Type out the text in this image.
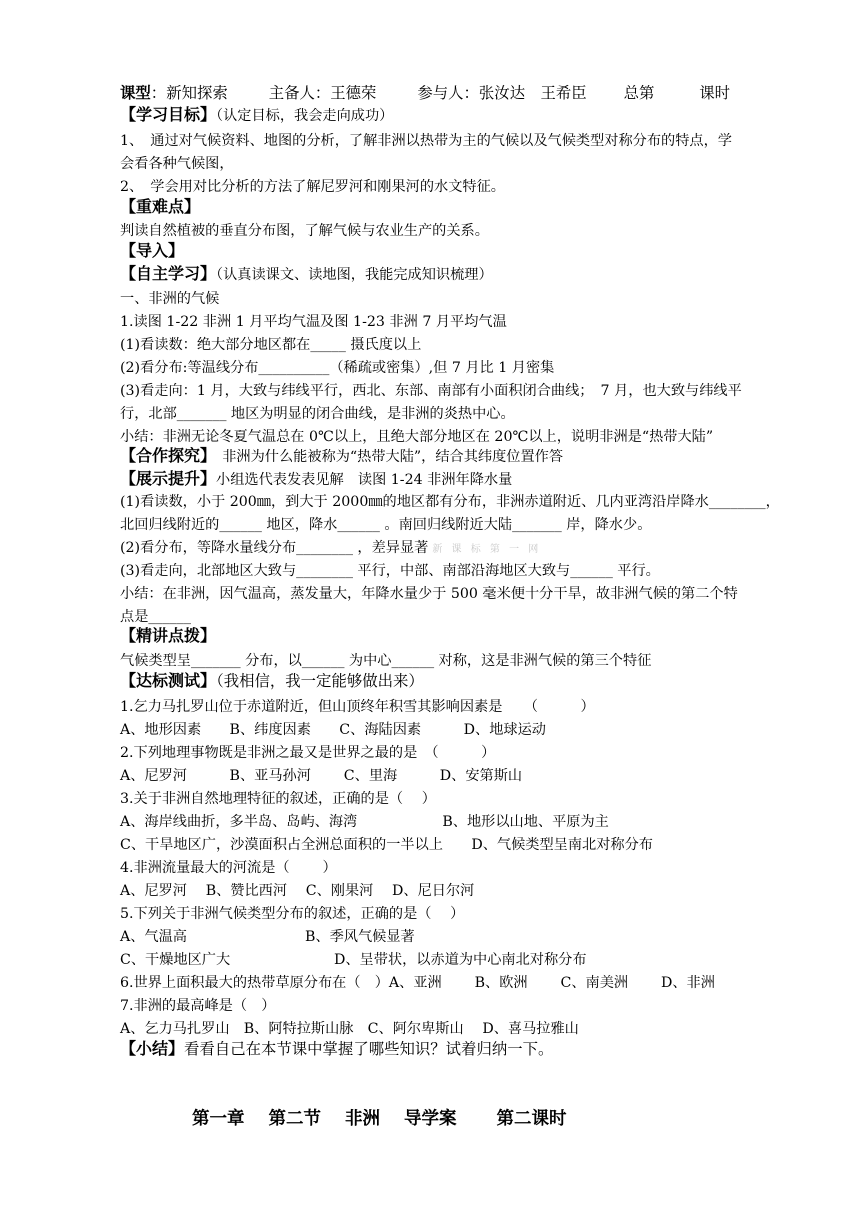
课型：新知探索	主备人：王德荣	参与人：张汝达　王希臣 总第	课时
【学习目标】（认定目标，我会走向成功）
1、　通过对气候资料、地图的分析，了解非洲以热带为主的气候以及气候类型对称分布的特点，学
会看各种气候图，
2、　学会用对比分析的方法了解尼罗河和刚果河的水文特征。
【重难点】
判读自然植被的垂直分布图，了解气候与农业生产的关系。
【导入】
【自主学习】（认真读课文、读地图，我能完成知识梳理）
一、非洲的气候
1.读图 1-22 非洲 1 月平均气温及图 1-23 非洲 7 月平均气温
(1)看读数：绝大部分地区都在_____ 摄氏度以上
(2)看分布:等温线分布__________（稀疏或密集）,但 7 月比 1 月密集
(3)看走向：1 月，大致与纬线平行，西北、东部、南部有小面积闭合曲线；　7 月，也大致与纬线平
行，北部_______ 地区为明显的闭合曲线，是非洲的炎热中心。
小结：非洲无论冬夏气温总在 0℃以上，且绝大部分地区在 20℃以上，说明非洲是“热带大陆”
【合作探究】　非洲为什么能被称为“热带大陆”，结合其纬度位置作答
【展示提升】小组选代表发表见解　读图 1-24 非洲年降水量
(1)看读数，小于 200㎜，到大于 2000㎜的地区都有分布，非洲赤道附近、几内亚湾沿岸降水________，
北回归线附近的______ 地区，降水______ 。南回归线附近大陆_______ 岸，降水少。
(2)看分布，等降水量线分布________ ，差异显著 新 课 标 第 一 网
(3)看走向，北部地区大致与________ 平行，中部、南部沿海地区大致与______ 平行。
小结：在非洲，因气温高，蒸发量大，年降水量少于 500 毫米便十分干旱，故非洲气候的第二个特
点是______
【精讲点拨】
气候类型呈_______ 分布，以______ 为中心______ 对称，这是非洲气候的第三个特征
【达标测试】（我相信，我一定能够做出来）
1.乞力马扎罗山位于赤道附近，但山顶终年积雪其影响因素是　　（　　　）
A、地形因素　　B、纬度因素　　C、海陆因素　　　D、地球运动
2.下列地理事物既是非洲之最又是世界之最的是　（　　　）
A、尼罗河　　　B、亚马孙河　　 C、里海　　　D、安第斯山
3.关于非洲自然地理特征的叙述，正确的是（　 ）
A、海岸线曲折，多半岛、岛屿、海湾　　　　　　B、地形以山地、平原为主
C、干旱地区广，沙漠面积占全洲总面积的一半以上　　D、气候类型呈南北对称分布
4.非洲流量最大的河流是（　　 ）
A、尼罗河　 B、赞比西河　 C、刚果河　 D、尼日尔河
5.下列关于非洲气候类型分布的叙述，正确的是（　 ）
A、气温高　　　　　　　　 B、季风气候显著
C、干燥地区广大　　　　　　　 D、呈带状，以赤道为中心南北对称分布
6.世界上面积最大的热带草原分布在（　）A、亚洲　　 B、欧洲　　 C、南美洲　　 D、非洲
7.非洲的最高峰是（　）
A、乞力马扎罗山　B、阿特拉斯山脉　C、阿尔卑斯山　 D、喜马拉雅山
【小结】看看自己在本节课中掌握了哪些知识？试着归纳一下。
第一章 第二节 非洲 导学案 第二课时
